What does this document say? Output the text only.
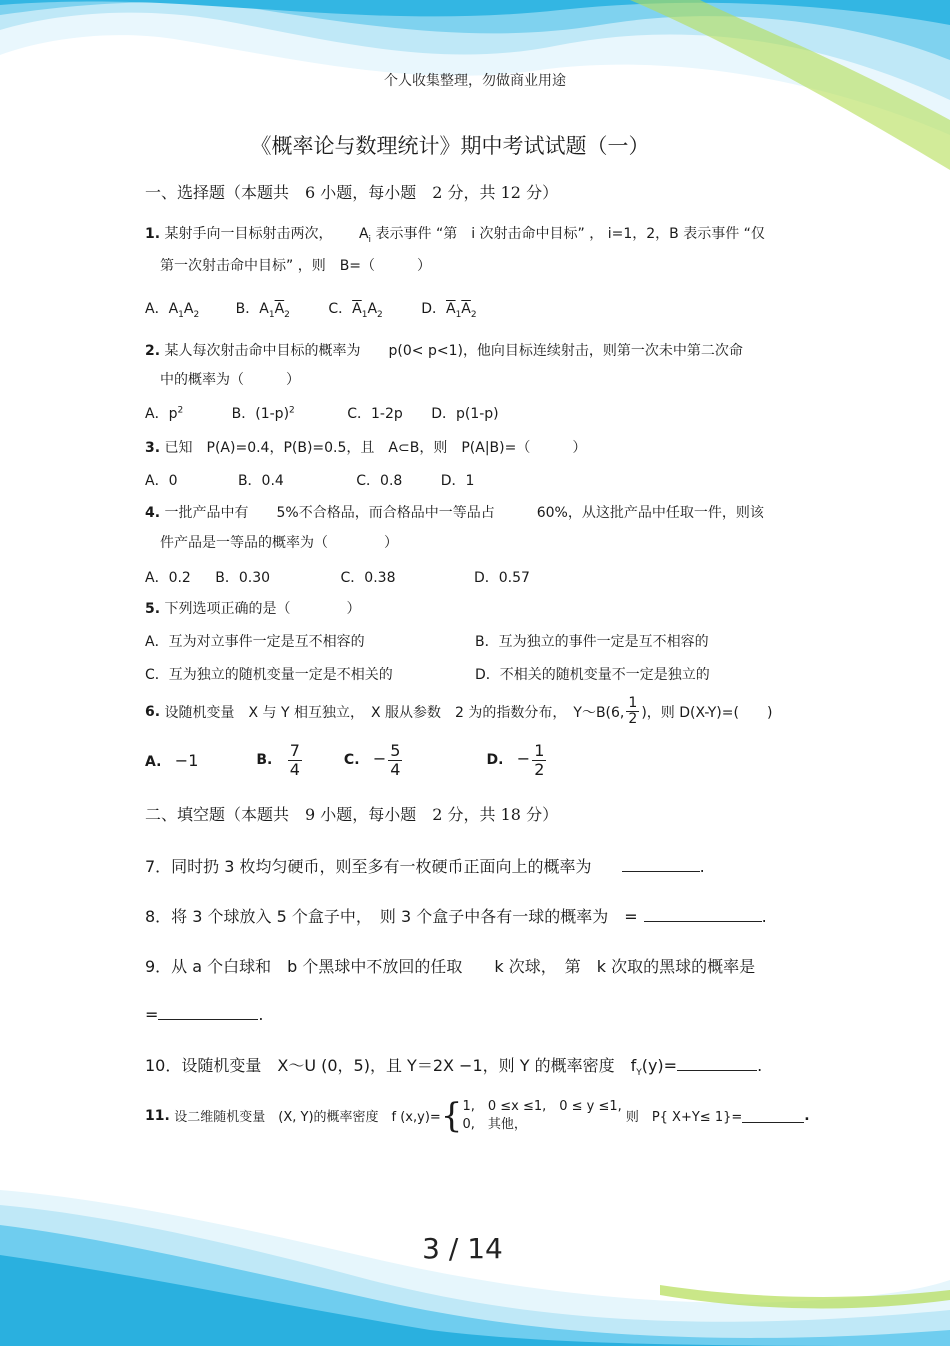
个人收集整理，勿做商业用途
《概率论与数理统计》期中考试试题（一）
一、选择题（本题共　6 小题，每小题　2 分，共 12 分）
1. 某射手向一目标射击两次， $A_i$ 表示事件 “第　i 次射击命中目标” ， i=1，2，B 表示事件 “仅
第一次射击命中目标” ，则　B=（　　　）
A．$A_1A_2$	B．$A_1\overline{A}_2$	C．$\overline{A}_1A_2$	D．$\overline{A}_1\overline{A}_2$
2. 某人每次射击命中目标的概率为　　p(0< p<1)，他向目标连续射击，则第一次未中第二次命
中的概率为（　　　）
A．$p^2$	B．$(1-p)^2$	C．1-2p D．p(1-p)
3. 已知　P(A)=0.4，P(B)=0.5，且　A⊂B，则　P(A|B)=（　　　）
A．0	B．0.4	C．0.8	D．1
4. 一批产品中有　　5%不合格品，而合格品中一等品占　　　60%，从这批产品中任取一件，则该
件产品是一等品的概率为（　　　　）
A．0.2 B．0.30	C．0.38	D．0.57
5. 下列选项正确的是（　　　　）
A．互为对立事件一定是互不相容的	B．互为独立的事件一定是互不相容的
C．互为独立的随机变量一定是不相关的	D．不相关的随机变量不一定是独立的
6.
设随机变量　X 与 Y 相互独立，　X 服从参数　2 为的指数分布，　Y～B(6, $\frac{1}{2}$ )，则 D(X-Y)=(　　)
A. −1	B. $\frac{7}{4}$	C. − $\frac{5}{4}$	D. − $\frac{1}{2}$
二、填空题（本题共　9 小题，每小题　2 分，共 18 分）
7．同时扔 3 枚均匀硬币，则至多有一枚硬币正面向上的概率为　	.
8．将 3 个球放入 5 个盒子中，　则 3 个盒子中各有一球的概率为　=	.
9．从 a 个白球和　b 个黑球中不放回的任取　　k 次球，　第　k 次取的黑球的概率是
=	.
10．设随机变量　X～U (0，5)，且 Y＝2X −1，则 Y 的概率密度　$f_Y(y)=$	.
11.
设二维随机变量　(X, Y)的概率密度　f (x,y)= { 1,　0 ≤x ≤1,　0 ≤ y ≤1,
0,　其他，	则　P{ X+Y≤ 1}=	.
3 / 14
